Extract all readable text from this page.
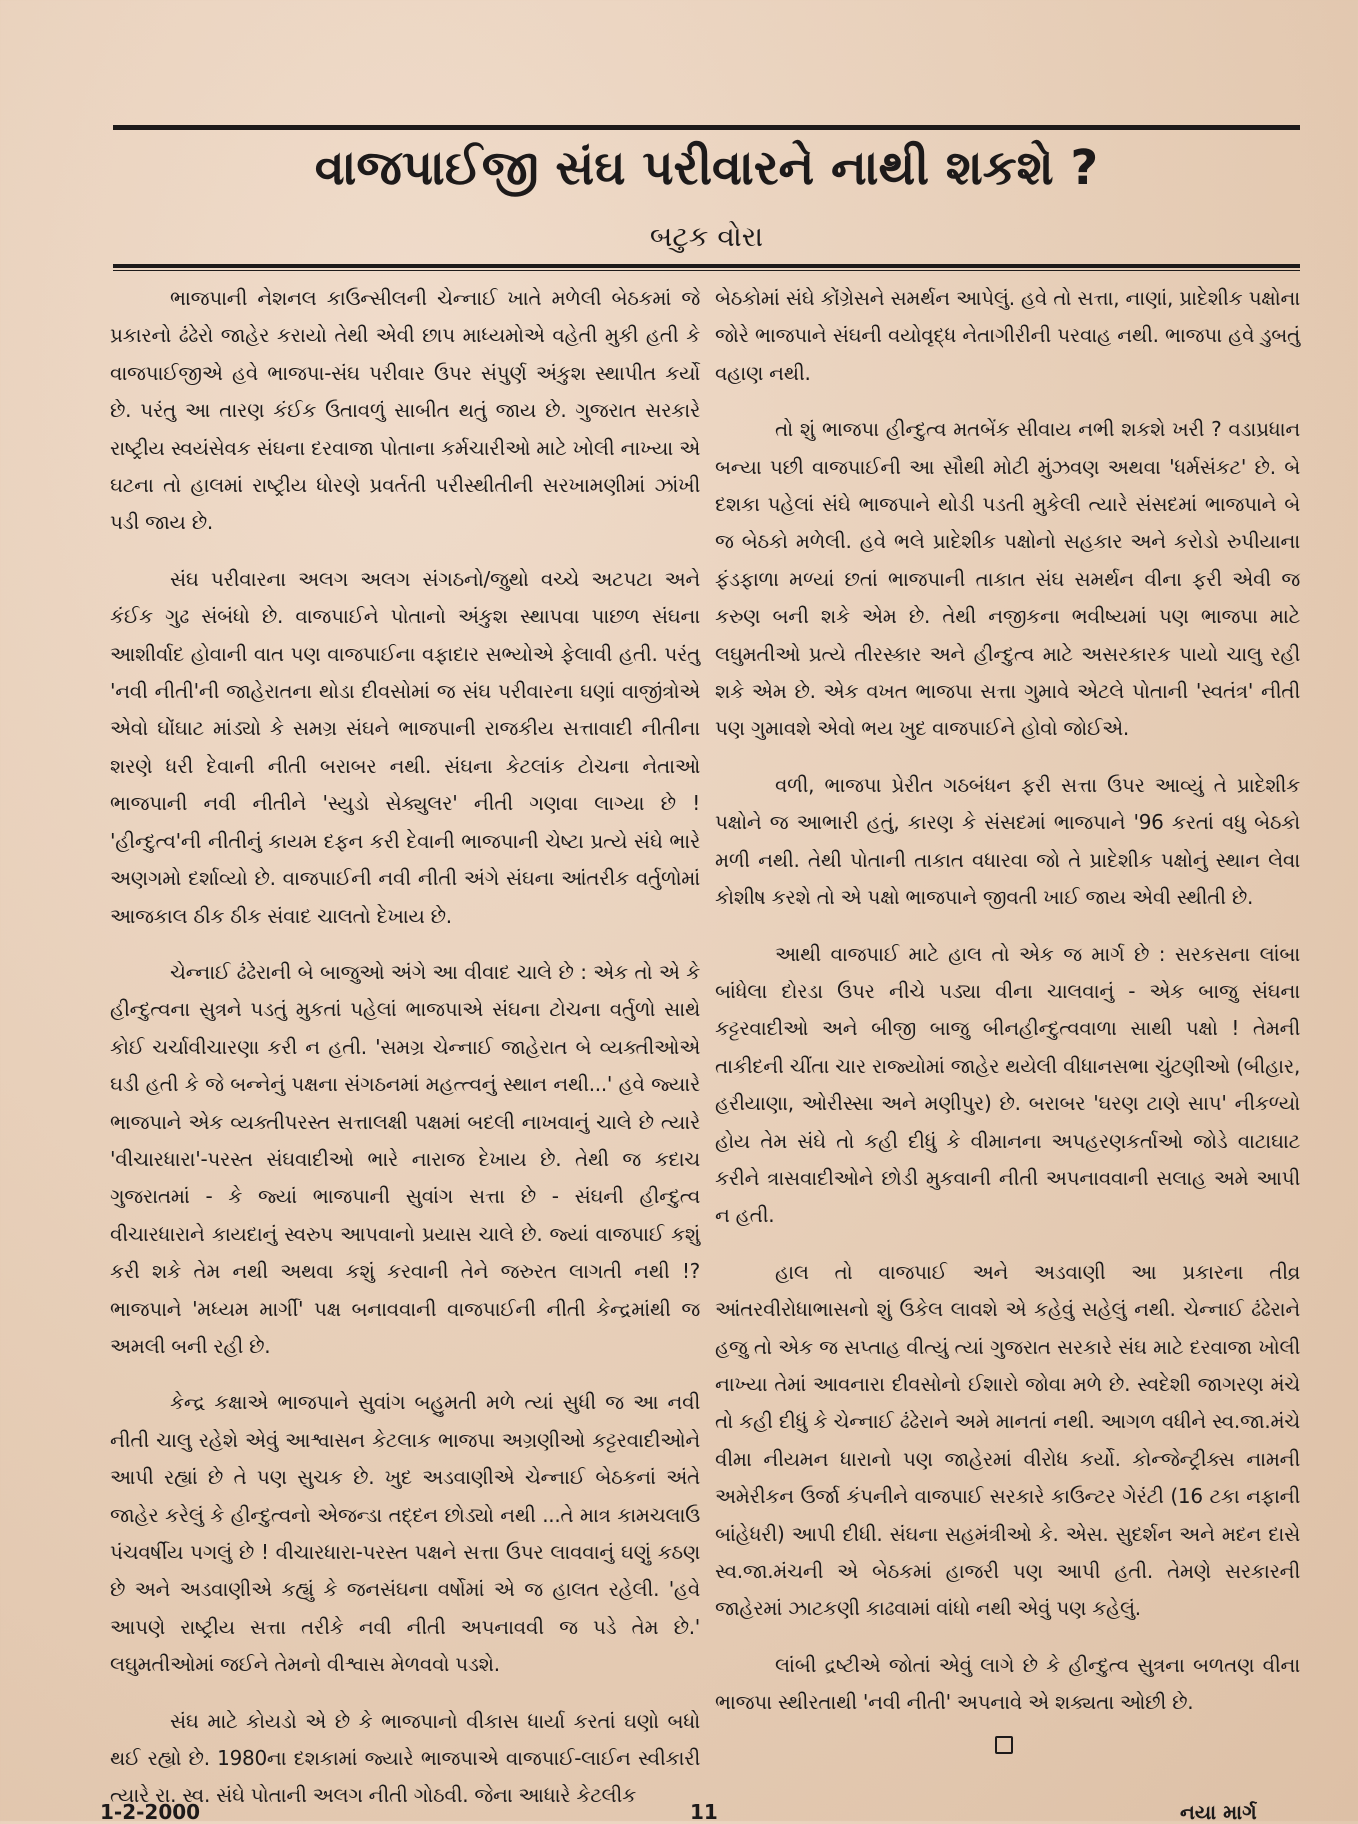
વાજપાઈજી સંઘ પરીવારને નાથી શકશે ?
બટુક વોરા

ભાજપાની નેશનલ કાઉન્સીલની ચેન્નાઈ ખાતે મળેલી બેઠકમાં જે પ્રકારનો ઢંઢેરો જાહેર કરાયો તેથી એવી છાપ માધ્યમોએ વહેતી મુકી હતી કે વાજપાઈજીએ હવે ભાજપા-સંઘ પરીવાર ઉપર સંપુર્ણ અંકુશ સ્થાપીત કર્યો છે. પરંતુ આ તારણ કંઈક ઉતાવળું સાબીત થતું જાય છે. ગુજરાત સરકારે રાષ્ટ્રીય સ્વયંસેવક સંઘના દરવાજા પોતાના કર્મચારીઓ માટે ખોલી નાખ્યા એ ઘટના તો હાલમાં રાષ્ટ્રીય ધોરણે પ્રવર્તતી પરીસ્થીતીની સરખામણીમાં ઝાંખી પડી જાય છે.

સંઘ પરીવારના અલગ અલગ સંગઠનો/જુથો વચ્ચે અટપટા અને કંઈક ગુઢ સંબંધો છે. વાજપાઈને પોતાનો અંકુશ સ્થાપવા પાછળ સંઘના આશીર્વાદ હોવાની વાત પણ વાજપાઈના વફાદાર સભ્યોએ ફેલાવી હતી. પરંતુ 'નવી નીતી'ની જાહેરાતના થોડા દીવસોમાં જ સંઘ પરીવારના ઘણાં વાજીંત્રોએ એવો ઘોંઘાટ માંડ્યો કે સમગ્ર સંઘને ભાજપાની રાજકીય સત્તાવાદી નીતીના શરણે ધરી દેવાની નીતી બરાબર નથી. સંઘના કેટલાંક ટોચના નેતાઓ ભાજપાની નવી નીતીને 'સ્યુડો સેક્યુલર' નીતી ગણવા લાગ્યા છે ! 'હીન્દુત્વ'ની નીતીનું કાયમ દફન કરી દેવાની ભાજપાની ચેષ્ટા પ્રત્યે સંઘે ભારે અણગમો દર્શાવ્યો છે. વાજપાઈની નવી નીતી અંગે સંઘના આંતરીક વર્તુળોમાં આજકાલ ઠીક ઠીક સંવાદ ચાલતો દેખાય છે.

ચેન્નાઈ ઢંઢેરાની બે બાજુઓ અંગે આ વીવાદ ચાલે છે : એક તો એ કે હીન્દુત્વના સુત્રને પડતું મુકતાં પહેલાં ભાજપાએ સંઘના ટોચના વર્તુળો સાથે કોઈ ચર્ચાવીચારણા કરી ન હતી. 'સમગ્ર ચેન્નાઈ જાહેરાત બે વ્યક્તીઓએ ઘડી હતી કે જે બન્નેનું પક્ષના સંગઠનમાં મહત્ત્વનું સ્થાન નથી...' હવે જ્યારે ભાજપાને એક વ્યક્તીપરસ્ત સત્તાલક્ષી પક્ષમાં બદલી નાખવાનું ચાલે છે ત્યારે 'વીચારધારા'-પરસ્ત સંઘવાદીઓ ભારે નારાજ દેખાય છે. તેથી જ કદાચ ગુજરાતમાં - કે જ્યાં ભાજપાની સુવાંગ સત્તા છે - સંઘની હીન્દુત્વ વીચારધારાને કાયદાનું સ્વરુપ આપવાનો પ્રયાસ ચાલે છે. જ્યાં વાજપાઈ કશું કરી શકે તેમ નથી અથવા કશું કરવાની તેને જરુરત લાગતી નથી !? ભાજપાને 'મધ્યમ માર્ગી' પક્ષ બનાવવાની વાજપાઈની નીતી કેન્દ્રમાંથી જ અમલી બની રહી છે.

કેન્દ્ર કક્ષાએ ભાજપાને સુવાંગ બહુમતી મળે ત્યાં સુધી જ આ નવી નીતી ચાલુ રહેશે એવું આશ્વાસન કેટલાક ભાજપા અગ્રણીઓ કટ્ટરવાદીઓને આપી રહ્યાં છે તે પણ સુચક છે. ખુદ અડવાણીએ ચેન્નાઈ બેઠકનાં અંતે જાહેર કરેલું કે હીન્દુત્વનો એજન્ડા તદ્દન છોડ્યો નથી ...તે માત્ર કામચલાઉ પંચવર્ષીય પગલું છે ! વીચારધારા-પરસ્ત પક્ષને સત્તા ઉપર લાવવાનું ઘણું કઠણ છે અને અડવાણીએ કહ્યું કે જનસંઘના વર્ષોમાં એ જ હાલત રહેલી. 'હવે આપણે રાષ્ટ્રીય સત્તા તરીકે નવી નીતી અપનાવવી જ પડે તેમ છે.' લઘુમતીઓમાં જઈને તેમનો વીશ્વાસ મેળવવો પડશે.

સંઘ માટે કોયડો એ છે કે ભાજપાનો વીકાસ ધાર્યા કરતાં ઘણો બધો થઈ રહ્યો છે. 1980ના દશકામાં જ્યારે ભાજપાએ વાજપાઈ-લાઈન સ્વીકારી ત્યારે રા. સ્વ. સંઘે પોતાની અલગ નીતી ગોઠવી. જેના આધારે કેટલીક

બેઠકોમાં સંઘે કોંગ્રેસને સમર્થન આપેલું. હવે તો સત્તા, નાણાં, પ્રાદેશીક પક્ષોના જોરે ભાજપાને સંઘની વયોવૃદ્ધ નેતાગીરીની પરવાહ નથી. ભાજપા હવે ડુબતું વહાણ નથી.

તો શું ભાજપા હીન્દુત્વ મતબેંક સીવાય નભી શકશે ખરી ? વડાપ્રધાન બન્યા પછી વાજપાઈની આ સૌથી મોટી મુંઝવણ અથવા 'ધર્મસંકટ' છે. બે દશકા પહેલાં સંઘે ભાજપાને થોડી પડતી મુકેલી ત્યારે સંસદમાં ભાજપાને બે જ બેઠકો મળેલી. હવે ભલે પ્રાદેશીક પક્ષોનો સહકાર અને કરોડો રુપીયાના ફંડફાળા મળ્યાં છતાં ભાજપાની તાકાત સંઘ સમર્થન વીના ફરી એવી જ કરુણ બની શકે એમ છે. તેથી નજીકના ભવીષ્યમાં પણ ભાજપા માટે લઘુમતીઓ પ્રત્યે તીરસ્કાર અને હીન્દુત્વ માટે અસરકારક પાયો ચાલુ રહી શકે એમ છે. એક વખત ભાજપા સત્તા ગુમાવે એટલે પોતાની 'સ્વતંત્ર' નીતી પણ ગુમાવશે એવો ભય ખુદ વાજપાઈને હોવો જોઈએ.

વળી, ભાજપા પ્રેરીત ગઠબંધન ફરી સત્તા ઉપર આવ્યું તે પ્રાદેશીક પક્ષોને જ આભારી હતું, કારણ કે સંસદમાં ભાજપાને '96 કરતાં વધુ બેઠકો મળી નથી. તેથી પોતાની તાકાત વધારવા જો તે પ્રાદેશીક પક્ષોનું સ્થાન લેવા કોશીષ કરશે તો એ પક્ષો ભાજપાને જીવતી ખાઈ જાય એવી સ્થીતી છે.

આથી વાજપાઈ માટે હાલ તો એક જ માર્ગ છે : સરકસના લાંબા બાંધેલા દોરડા ઉપર નીચે પડ્યા વીના ચાલવાનું - એક બાજુ સંઘના કટ્ટરવાદીઓ અને બીજી બાજુ બીનહીન્દુત્વવાળા સાથી પક્ષો ! તેમની તાકીદની ચીંતા ચાર રાજ્યોમાં જાહેર થયેલી વીધાનસભા ચુંટણીઓ (બીહાર, હરીયાણા, ઓરીસ્સા અને મણીપુર) છે. બરાબર 'ઘરણ ટાણે સાપ' નીકળ્યો હોય તેમ સંઘે તો કહી દીધું કે વીમાનના અપહરણકર્તાઓ જોડે વાટાઘાટ કરીને ત્રાસવાદીઓને છોડી મુકવાની નીતી અપનાવવાની સલાહ અમે આપી ન હતી.

હાલ તો વાજપાઈ અને અડવાણી આ પ્રકારના તીવ્ર આંતરવીરોધાભાસનો શું ઉકેલ લાવશે એ કહેવું સહેલું નથી. ચેન્નાઈ ઢંઢેરાને હજુ તો એક જ સપ્તાહ વીત્યું ત્યાં ગુજરાત સરકારે સંઘ માટે દરવાજા ખોલી નાખ્યા તેમાં આવનારા દીવસોનો ઈશારો જોવા મળે છે. સ્વદેશી જાગરણ મંચે તો કહી દીધું કે ચેન્નાઈ ઢંઢેરાને અમે માનતાં નથી. આગળ વધીને સ્વ.જા.મંચે વીમા નીયમન ધારાનો પણ જાહેરમાં વીરોધ કર્યો. કોન્જેન્ટ્રીક્સ નામની અમેરીકન ઉર્જા કંપનીને વાજપાઈ સરકારે કાઉન્ટર ગેરંટી (16 ટકા નફાની બાંહેધરી) આપી દીધી. સંઘના સહમંત્રીઓ કે. એસ. સુદર્શન અને મદન દાસે સ્વ.જા.મંચની એ બેઠકમાં હાજરી પણ આપી હતી. તેમણે સરકારની જાહેરમાં ઝાટકણી કાઢવામાં વાંધો નથી એવું પણ કહેલું.

લાંબી દ્રષ્ટીએ જોતાં એવું લાગે છે કે હીન્દુત્વ સુત્રના બળતણ વીના ભાજપા સ્થીરતાથી 'નવી નીતી' અપનાવે એ શક્યતા ઓછી છે.

1-2-2000	11	નયા માર્ગ
